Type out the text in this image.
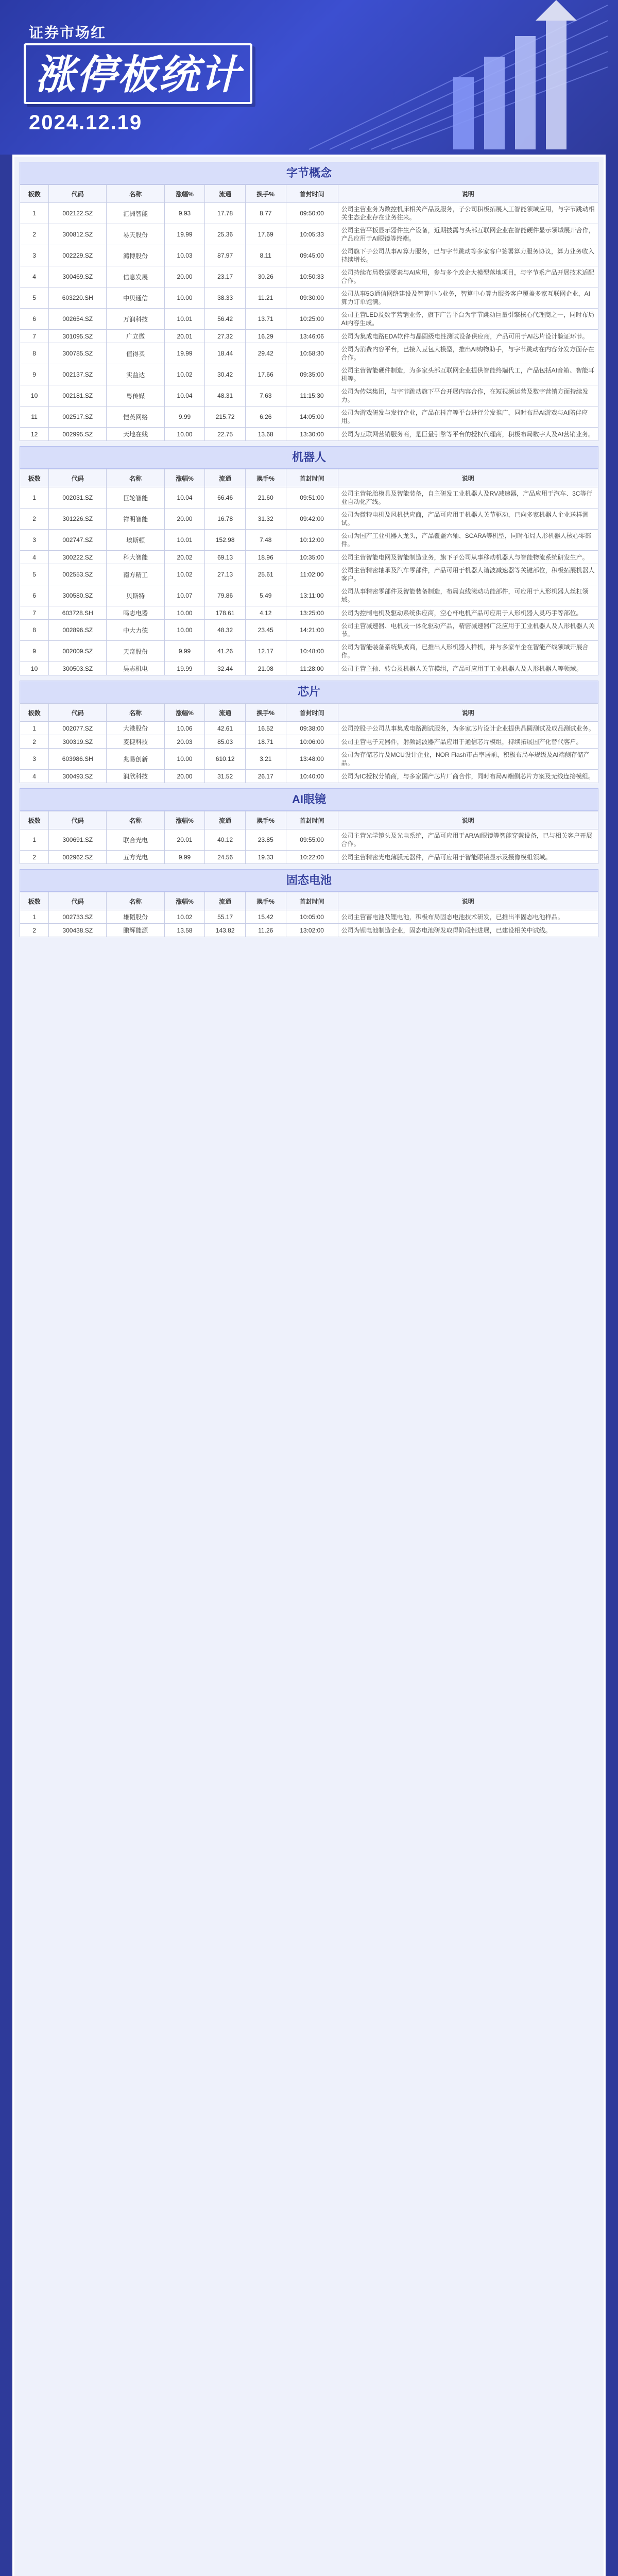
证券市场红
涨停板统计
2024.12.19
字节概念
板数	代码	名称	涨幅%	流通	换手%	首封时间	说明
1	002122.SZ	汇洲智能	9.93	17.78	8.77	09:50:00	公司主营业务为数控机床相关产品及服务，子公司积极拓展人工智能领域应用，与字节跳动相关生态企业存在业务往来。
2	300812.SZ	易天股份	19.99	25.36	17.69	10:05:33	公司主营平板显示器件生产设备，近期披露与头部互联网企业在智能硬件显示领域展开合作，产品应用于AI眼镜等终端。
3	002229.SZ	鸿博股份	10.03	87.97	8.11	09:45:00	公司旗下子公司从事AI算力服务，已与字节跳动等多家客户签署算力服务协议，算力业务收入持续增长。
4	300469.SZ	信息发展	20.00	23.17	30.26	10:50:33	公司持续布局数据要素与AI应用，参与多个政企大模型落地项目，与字节系产品开展技术适配合作。
5	603220.SH	中贝通信	10.00	38.33	11.21	09:30:00	公司从事5G通信网络建设及智算中心业务，智算中心算力服务客户覆盖多家互联网企业，AI算力订单饱满。
6	002654.SZ	万润科技	10.01	56.42	13.71	10:25:00	公司主营LED及数字营销业务，旗下广告平台为字节跳动巨量引擎核心代理商之一，同时布局AI内容生成。
7	301095.SZ	广立微	20.01	27.32	16.29	13:46:06	公司为集成电路EDA软件与晶圆级电性测试设备供应商，产品可用于AI芯片设计验证环节。
8	300785.SZ	值得买	19.99	18.44	29.42	10:58:30	公司为消费内容平台，已接入豆包大模型，推出AI购物助手，与字节跳动在内容分发方面存在合作。
9	002137.SZ	实益达	10.02	30.42	17.66	09:35:00	公司主营智能硬件制造，为多家头部互联网企业提供智能终端代工，产品包括AI音箱、智能耳机等。
10	002181.SZ	粤传媒	10.04	48.31	7.63	11:15:30	公司为传媒集团，与字节跳动旗下平台开展内容合作，在短视频运营及数字营销方面持续发力。
11	002517.SZ	恺英网络	9.99	215.72	6.26	14:05:00	公司为游戏研发与发行企业，产品在抖音等平台进行分发推广，同时布局AI游戏与AI陪伴应用。
12	002995.SZ	天地在线	10.00	22.75	13.68	13:30:00	公司为互联网营销服务商，是巨量引擎等平台的授权代理商，积极布局数字人及AI营销业务。
机器人
板数	代码	名称	涨幅%	流通	换手%	首封时间	说明
1	002031.SZ	巨轮智能	10.04	66.46	21.60	09:51:00	公司主营轮胎模具及智能装备，自主研发工业机器人及RV减速器，产品应用于汽车、3C等行业自动化产线。
2	301226.SZ	祥明智能	20.00	16.78	31.32	09:42:00	公司为微特电机及风机供应商，产品可应用于机器人关节驱动，已向多家机器人企业送样测试。
3	002747.SZ	埃斯顿	10.01	152.98	7.48	10:12:00	公司为国产工业机器人龙头，产品覆盖六轴、SCARA等机型，同时布局人形机器人核心零部件。
4	300222.SZ	科大智能	20.02	69.13	18.96	10:35:00	公司主营智能电网及智能制造业务，旗下子公司从事移动机器人与智能物流系统研发生产。
5	002553.SZ	南方精工	10.02	27.13	25.61	11:02:00	公司主营精密轴承及汽车零部件，产品可用于机器人谐波减速器等关键部位，积极拓展机器人客户。
6	300580.SZ	贝斯特	10.07	79.86	5.49	13:11:00	公司从事精密零部件及智能装备制造，布局直线滚动功能部件，可应用于人形机器人丝杠领域。
7	603728.SH	鸣志电器	10.00	178.61	4.12	13:25:00	公司为控制电机及驱动系统供应商，空心杯电机产品可应用于人形机器人灵巧手等部位。
8	002896.SZ	中大力德	10.00	48.32	23.45	14:21:00	公司主营减速器、电机及一体化驱动产品，精密减速器广泛应用于工业机器人及人形机器人关节。
9	002009.SZ	天奇股份	9.99	41.26	12.17	10:48:00	公司为智能装备系统集成商，已推出人形机器人样机，并与多家车企在智能产线领域开展合作。
10	300503.SZ	昊志机电	19.99	32.44	21.08	11:28:00	公司主营主轴、转台及机器人关节模组，产品可应用于工业机器人及人形机器人等领域。
芯片
板数	代码	名称	涨幅%	流通	换手%	首封时间	说明
1	002077.SZ	大港股份	10.06	42.61	16.52	09:38:00	公司控股子公司从事集成电路测试服务，为多家芯片设计企业提供晶圆测试及成品测试业务。
2	300319.SZ	麦捷科技	20.03	85.03	18.71	10:06:00	公司主营电子元器件，射频滤波器产品应用于通信芯片模组，持续拓展国产化替代客户。
3	603986.SH	兆易创新	10.00	610.12	3.21	13:48:00	公司为存储芯片及MCU设计企业，NOR Flash市占率居前，积极布局车规级及AI端侧存储产品。
4	300493.SZ	润欣科技	20.00	31.52	26.17	10:40:00	公司为IC授权分销商，与多家国产芯片厂商合作，同时布局AI端侧芯片方案及无线连接模组。
AI眼镜
板数	代码	名称	涨幅%	流通	换手%	首封时间	说明
1	300691.SZ	联合光电	20.01	40.12	23.85	09:55:00	公司主营光学镜头及光电系统，产品可应用于AR/AI眼镜等智能穿戴设备，已与相关客户开展合作。
2	002962.SZ	五方光电	9.99	24.56	19.33	10:22:00	公司主营精密光电薄膜元器件，产品可应用于智能眼镜显示及摄像模组领域。
固态电池
板数	代码	名称	涨幅%	流通	换手%	首封时间	说明
1	002733.SZ	雄韬股份	10.02	55.17	15.42	10:05:00	公司主营蓄电池及锂电池，积极布局固态电池技术研发，已推出半固态电池样品。
2	300438.SZ	鹏辉能源	13.58	143.82	11.26	13:02:00	公司为锂电池制造企业，固态电池研发取得阶段性进展，已建设相关中试线。
